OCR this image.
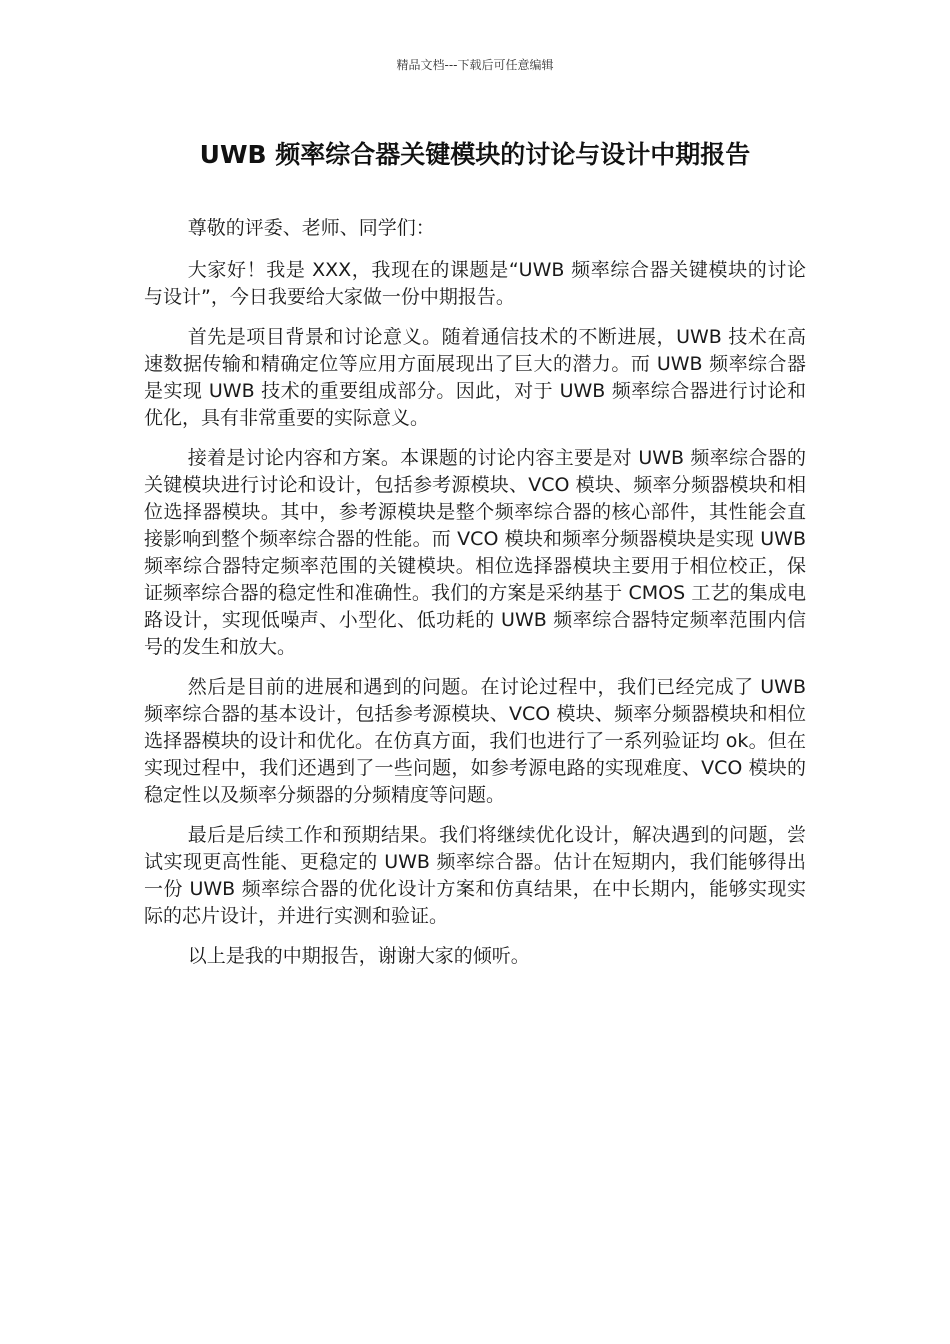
精品文档---下载后可任意编辑
UWB 频率综合器关键模块的讨论与设计中期报告

尊敬的评委、老师、同学们：

大家好！我是 XXX，我现在的课题是“UWB 频率综合器关键模块的讨论与设计”，今日我要给大家做一份中期报告。

首先是项目背景和讨论意义。随着通信技术的不断进展，UWB 技术在高速数据传输和精确定位等应用方面展现出了巨大的潜力。而 UWB 频率综合器是实现 UWB 技术的重要组成部分。因此，对于 UWB 频率综合器进行讨论和优化，具有非常重要的实际意义。

接着是讨论内容和方案。本课题的讨论内容主要是对 UWB 频率综合器的关键模块进行讨论和设计，包括参考源模块、VCO 模块、频率分频器模块和相位选择器模块。其中，参考源模块是整个频率综合器的核心部件，其性能会直接影响到整个频率综合器的性能。而 VCO 模块和频率分频器模块是实现 UWB 频率综合器特定频率范围的关键模块。相位选择器模块主要用于相位校正，保证频率综合器的稳定性和准确性。我们的方案是采纳基于 CMOS 工艺的集成电路设计，实现低噪声、小型化、低功耗的 UWB 频率综合器特定频率范围内信号的发生和放大。

然后是目前的进展和遇到的问题。在讨论过程中，我们已经完成了 UWB 频率综合器的基本设计，包括参考源模块、VCO 模块、频率分频器模块和相位选择器模块的设计和优化。在仿真方面，我们也进行了一系列验证均 ok。但在实现过程中，我们还遇到了一些问题，如参考源电路的实现难度、VCO 模块的稳定性以及频率分频器的分频精度等问题。

最后是后续工作和预期结果。我们将继续优化设计，解决遇到的问题，尝试实现更高性能、更稳定的 UWB 频率综合器。估计在短期内，我们能够得出一份 UWB 频率综合器的优化设计方案和仿真结果，在中长期内，能够实现实际的芯片设计，并进行实测和验证。

以上是我的中期报告，谢谢大家的倾听。
